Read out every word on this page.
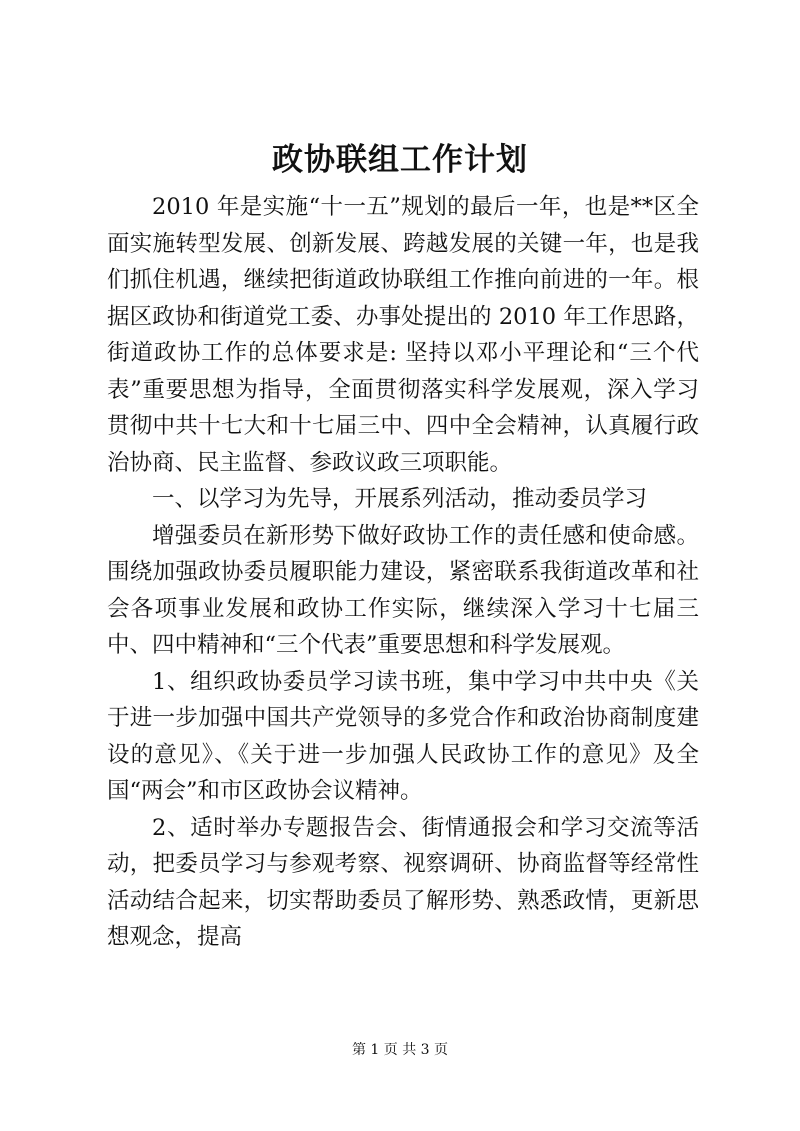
政协联组工作计划

2010 年是实施“十一五”规划的最后一年，也是**区全面实施转型发展、创新发展、跨越发展的关键一年，也是我们抓住机遇，继续把街道政协联组工作推向前进的一年。根据区政协和街道党工委、办事处提出的 2010 年工作思路，街道政协工作的总体要求是: 坚持以邓小平理论和“三个代表”重要思想为指导，全面贯彻落实科学发展观，深入学习贯彻中共十七大和十七届三中、四中全会精神，认真履行政治协商、民主监督、参政议政三项职能。

一、以学习为先导，开展系列活动，推动委员学习

增强委员在新形势下做好政协工作的责任感和使命感。围绕加强政协委员履职能力建设，紧密联系我街道改革和社会各项事业发展和政协工作实际，继续深入学习十七届三中、四中精神和“三个代表”重要思想和科学发展观。

1、组织政协委员学习读书班，集中学习中共中央《关于进一步加强中国共产党领导的多党合作和政治协商制度建设的意见》、《关于进一步加强人民政协工作的意见》及全国“两会”和市区政协会议精神。

2、适时举办专题报告会、街情通报会和学习交流等活动，把委员学习与参观考察、视察调研、协商监督等经常性活动结合起来，切实帮助委员了解形势、熟悉政情，更新思想观念，提高

第 1 页 共 3 页
